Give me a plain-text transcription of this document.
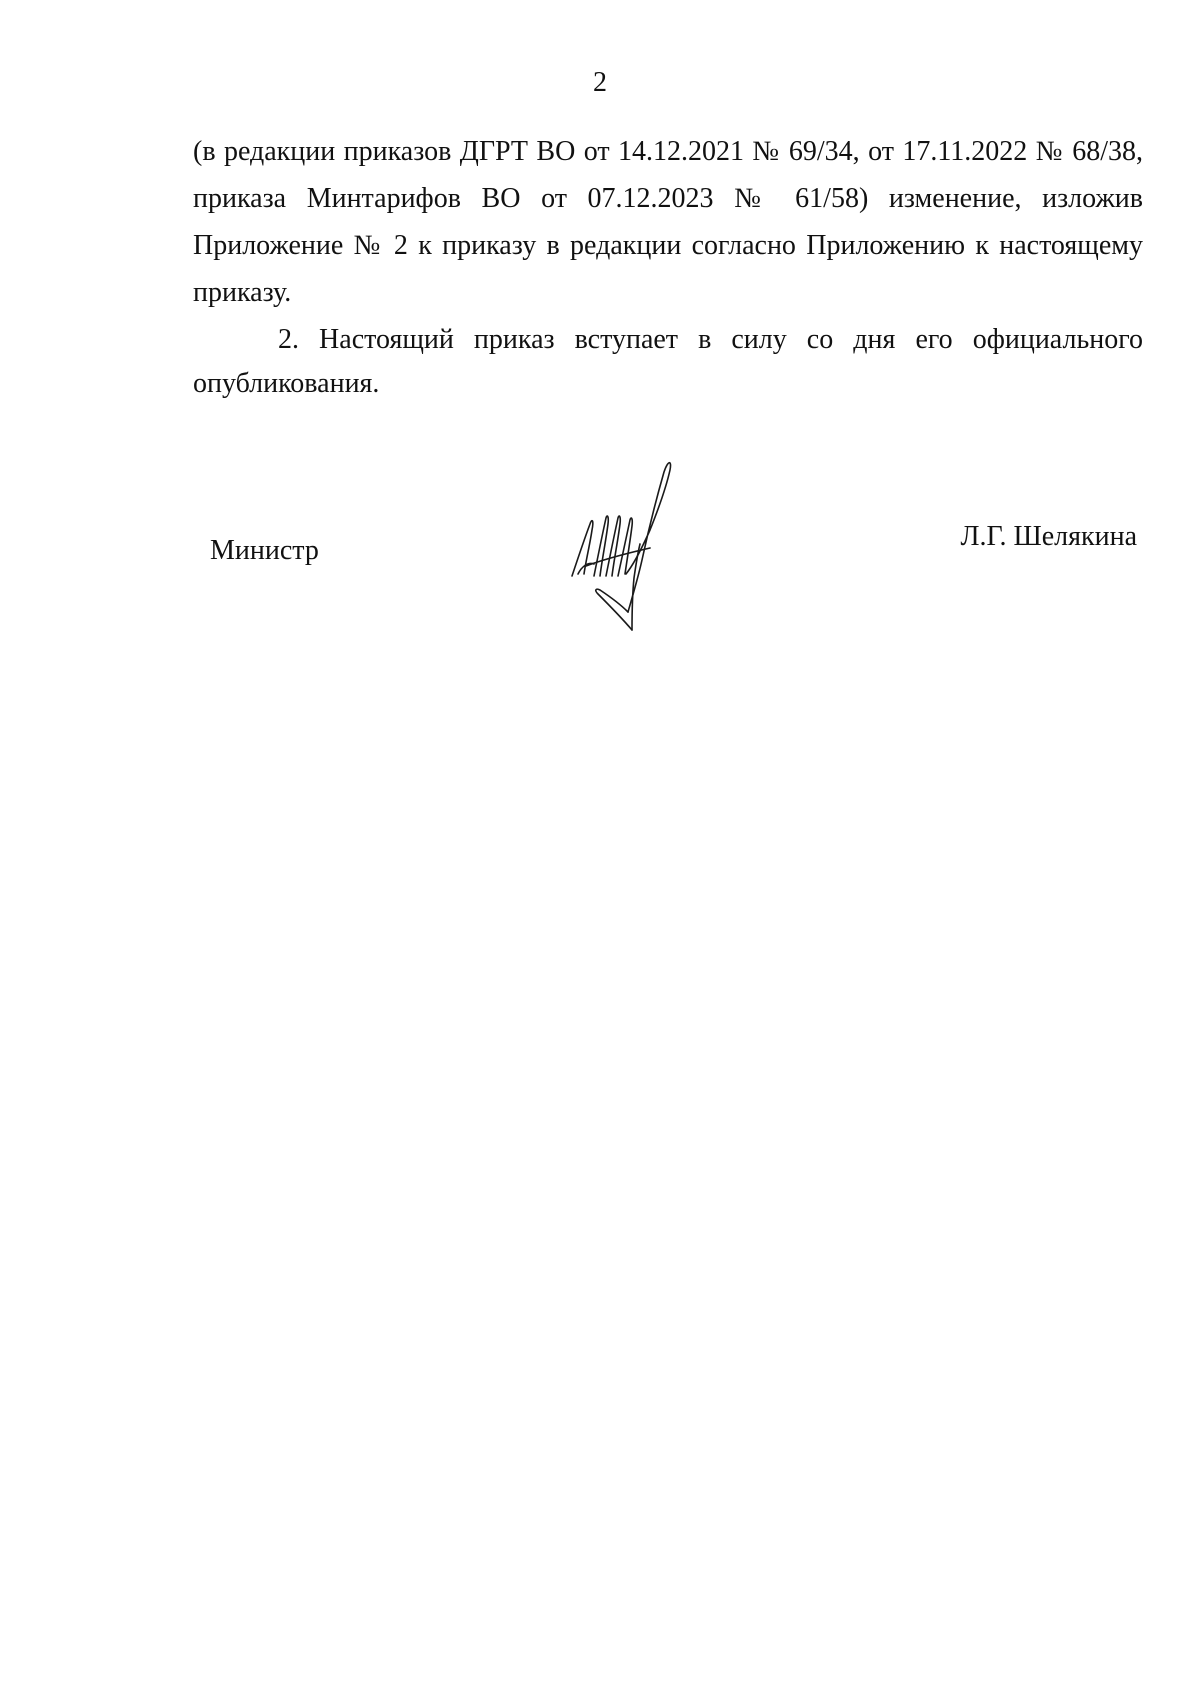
2

(в редакции приказов ДГРТ ВО от 14.12.2021 № 69/34, от 17.11.2022 № 68/38,
приказа Минтарифов ВО от 07.12.2023 № 61/58) изменение, изложив
Приложение № 2 к приказу в редакции согласно Приложению к настоящему
приказу.

2. Настоящий приказ вступает в силу со дня его официального
опубликования.

Министр	Л.Г. Шелякина
